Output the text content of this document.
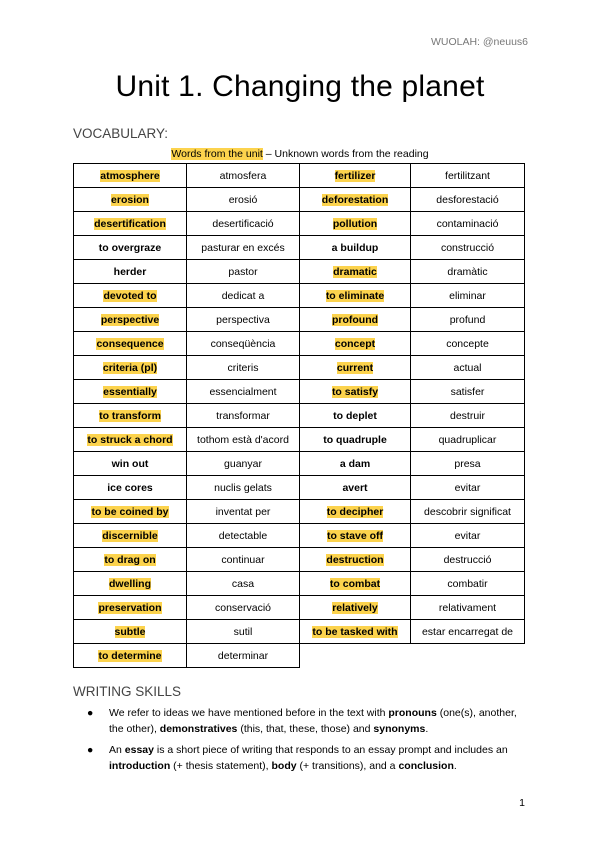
WUOLAH: @neuus6
Unit 1. Changing the planet
VOCABULARY:
Words from the unit – Unknown words from the reading
atmosphere	atmosfera	fertilizer	fertilitzant
erosion	erosió	deforestation	desforestació
desertification	desertificació	pollution	contaminació
to overgraze	pasturar en excés	a buildup	construcció
herder	pastor	dramatic	dramàtic
devoted to	dedicat a	to eliminate	eliminar
perspective	perspectiva	profound	profund
consequence	conseqüència	concept	concepte
criteria (pl)	criteris	current	actual
essentially	essencialment	to satisfy	satisfer
to transform	transformar	to deplet	destruir
to struck a chord	tothom està d'acord	to quadruple	quadruplicar
win out	guanyar	a dam	presa
ice cores	nuclis gelats	avert	evitar
to be coined by	inventat per	to decipher	descobrir significat
discernible	detectable	to stave off	evitar
to drag on	continuar	destruction	destrucció
dwelling	casa	to combat	combatir
preservation	conservació	relatively	relativament
subtle	sutil	to be tasked with	estar encarregat de
to determine	determinar		
WRITING SKILLS
● We refer to ideas we have mentioned before in the text with pronouns (one(s), another, the other), demonstratives (this, that, these, those) and synonyms.
● An essay is a short piece of writing that responds to an essay prompt and includes an introduction (+ thesis statement), body (+ transitions), and a conclusion.
1
